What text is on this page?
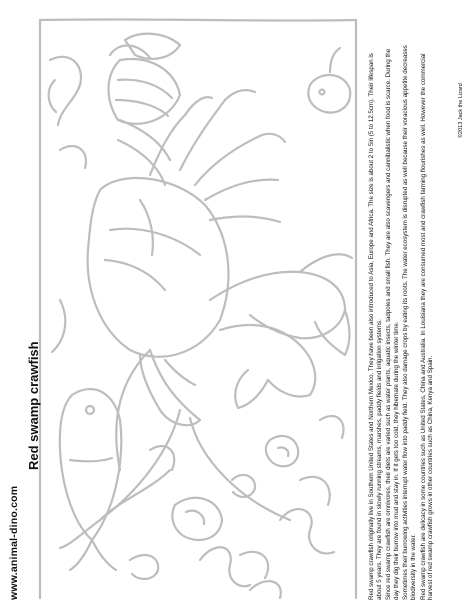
www.animal-dino.com
Red swamp crawfish
©2013 Jack the Lizard

Red swamp crawfish originally live in Southern United States and Northern Mexico. They have been also introduced to Asia, Europe and Africa. The size is about 2 to 5in (5 to 12.5cm). Their lifespan is about 5 years. They are found in slowly running streams, marshes, paddy fields and irrigation systems. Since red swamp crawfish are omnivores, their diets are varied such as water plants, aquatic insects, tadpoles and small fish. They are also scavengers and cannibalistic when food is scarce. During the day they dig their burrow into mud and stay in. If it gets too cold, they hibernate during the winter time. Sometimes their burrowing activities interrupt water flow into paddy field. They also damage crops by eating its roots. The water ecosystem is disrupted as well because their voracious appetite decreases biodiversity in the water. Red swamp crawfish are delicacy in some countries such as United States, China and Australia. In Louisiana they are consumed most and crawfish farming flourishes as well. However the commercial harvest of red swamp crawfish grows in other countries such as China, Kenya and Spain.
